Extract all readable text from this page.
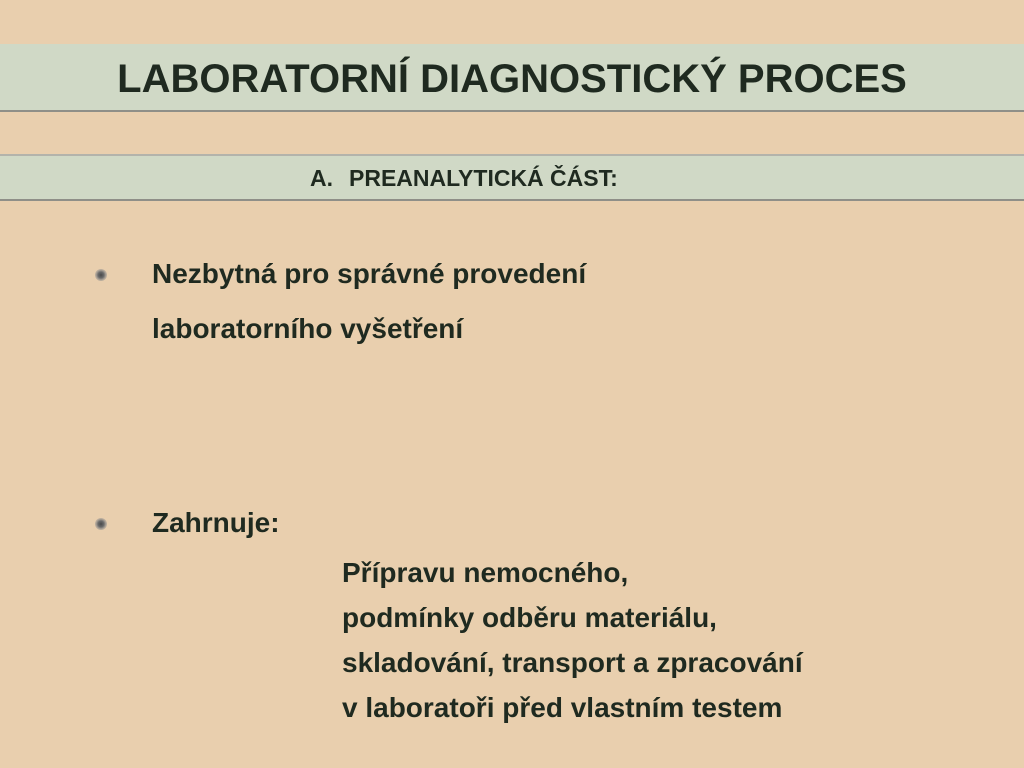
LABORATORNÍ DIAGNOSTICKÝ PROCES
A. PREANALYTICKÁ ČÁST:
Nezbytná pro správné provedení
laboratorního vyšetření
Zahrnuje:
Přípravu nemocného,
podmínky odběru materiálu,
skladování, transport a zpracování
v laboratoři před vlastním testem
